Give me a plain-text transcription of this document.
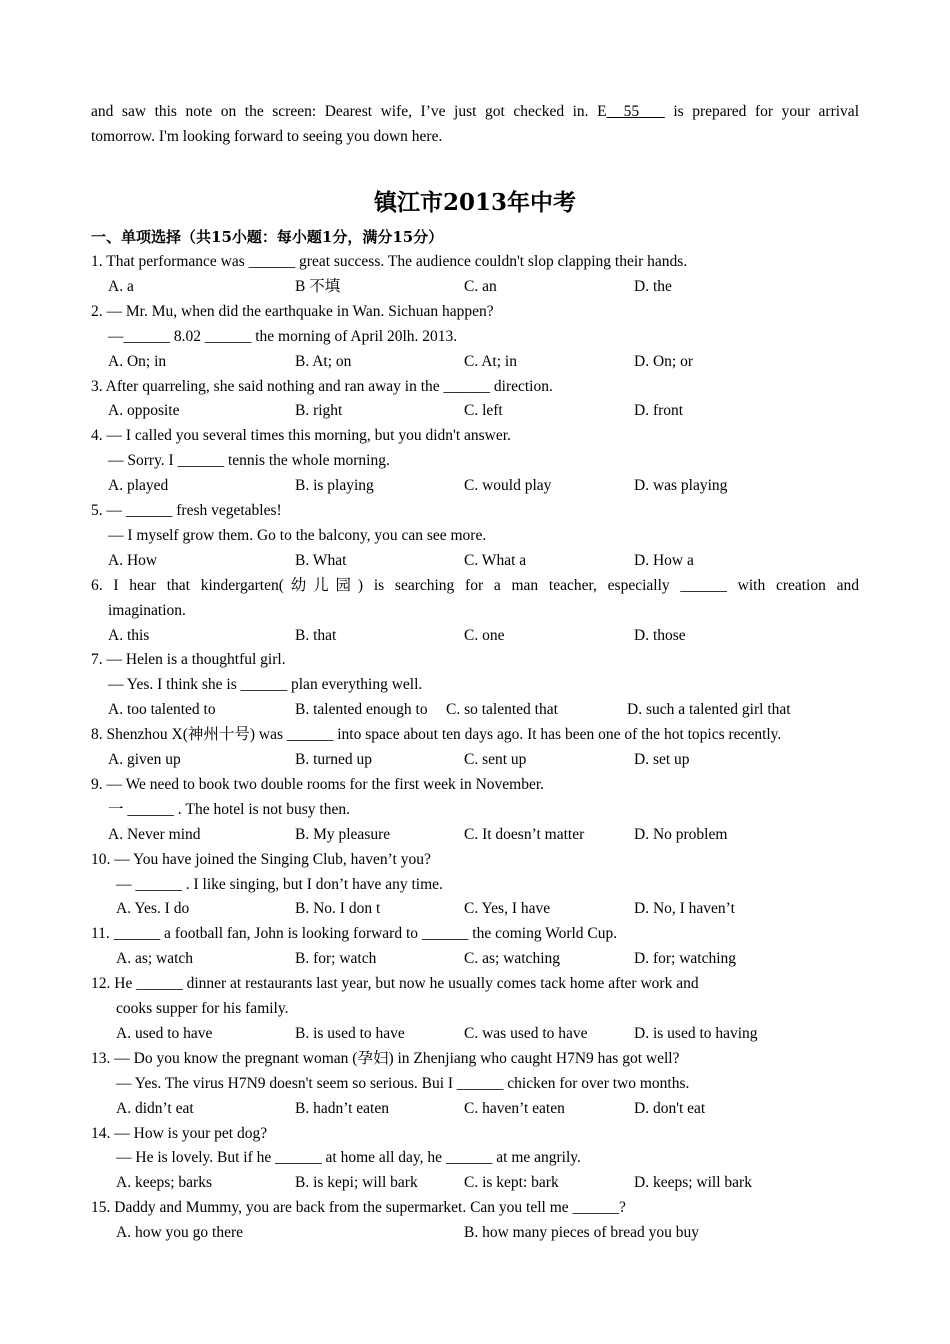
and saw this note on the screen: Dearest wife, I’ve just got checked in. E  55    is prepared for your arrival
tomorrow. I'm looking forward to seeing you down here.
镇江市2013年中考
一、单项选择（共15小题：每小题1分，满分15分）
1. That performance was ______ great success. The audience couldn't slop clapping their hands.
A. a	B 不填	C. an	D. the
2. — Mr. Mu, when did the earthquake in Wan. Sichuan happen?
—______ 8.02 ______ the morning of April 20lh. 2013.
A. On; in	B. At; on	C. At; in	D. On; or
3. After quarreling, she said nothing and ran away in the ______ direction.
A. opposite	B. right	C. left	D. front
4. — I called you several times this morning, but you didn't answer.
— Sorry. I ______ tennis the whole morning.
A. played	B. is playing	C. would play	D. was playing
5. — ______ fresh vegetables!
— I myself grow them. Go to the balcony, you can see more.
A. How	B. What	C. What a	D. How a
6. I hear that kindergarten(幼儿园) is searching for a man teacher, especially ______ with creation and
imagination.
A. this	B. that	C. one	D. those
7. — Helen is a thoughtful girl.
— Yes. I think she is ______ plan everything well.
A. too talented to	B. talented enough to C. so talented that	D. such a talented girl that
8. Shenzhou X(神州十号) was ______ into space about ten days ago. It has been one of the hot topics recently.
A. given up	B. turned up	C. sent up	D. set up
9. — We need to book two double rooms for the first week in November.
一 ______ . The hotel is not busy then.
A. Never mind	B. My pleasure	C. It doesn’t matter	D. No problem
10. — You have joined the Singing Club, haven’t you?
— ______ . I like singing, but I don’t have any time.
A. Yes. I do	B. No. I don t	C. Yes, I have	D. No, I haven’t
11. ______ a football fan, John is looking forward to ______ the coming World Cup.
A. as; watch	B. for; watch	C. as; watching	D. for; watching
12. He ______ dinner at restaurants last year, but now he usually comes tack home after work and
cooks supper for his family.
A. used to have	B. is used to have	C. was used to have	D. is used to having
13. — Do you know the pregnant woman (孕妇) in Zhenjiang who caught H7N9 has got well?
— Yes. The virus H7N9 doesn't seem so serious. Bui I ______ chicken for over two months.
A. didn’t eat	B. hadn’t eaten	C. haven’t eaten	D. don't eat
14. — How is your pet dog?
— He is lovely. But if he ______ at home all day, he ______ at me angrily.
A. keeps; barks	B. is kepi; will bark	C. is kept: bark	D. keeps; will bark
15. Daddy and Mummy, you are back from the supermarket. Can you tell me ______?
A. how you go there	B. how many pieces of bread you buy
